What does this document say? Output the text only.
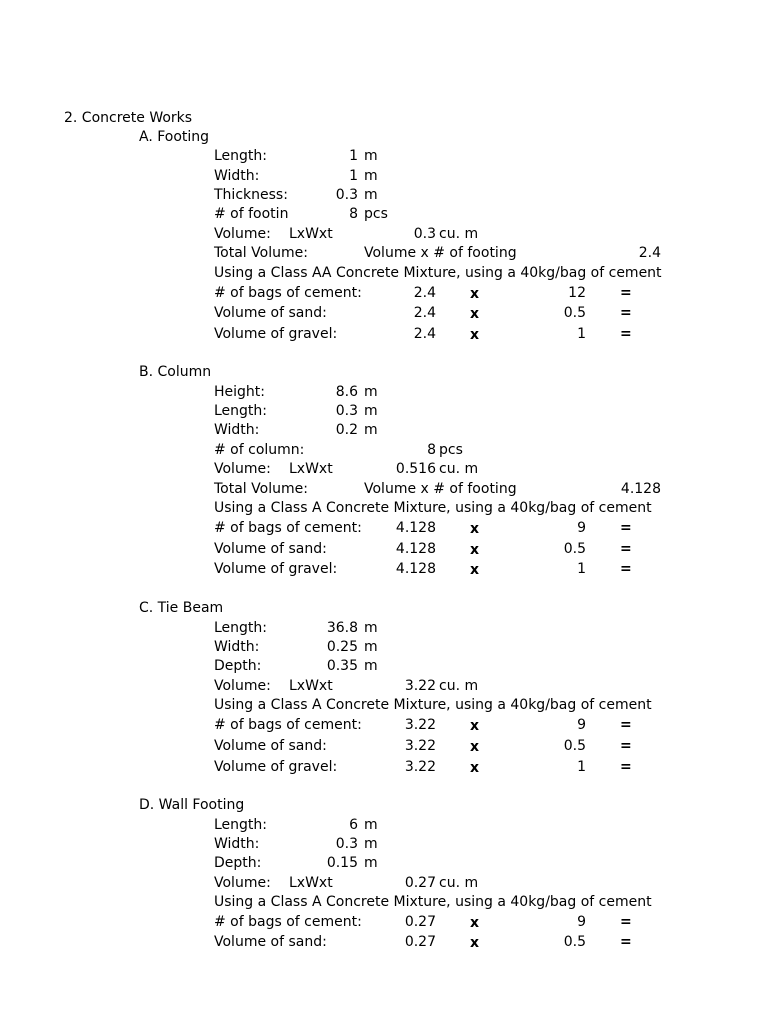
2. Concrete Works
A. Footing
Length:	1 m
Width:	1 m
Thickness:	0.3 m
# of footin	8 pcs
Volume: LxWxt	0.3 cu. m
Total Volume:	Volume x # of footing	2.4
Using a Class AA Concrete Mixture, using a 40kg/bag of cement
# of bags of cement:	2.4 x	12 =
Volume of sand:	2.4 x	0.5 =
Volume of gravel:	2.4 x	1 =
B. Column
Height:	8.6 m
Length:	0.3 m
Width:	0.2 m
# of column:	8 pcs
Volume: LxWxt	0.516 cu. m
Total Volume:	Volume x # of footing	4.128
Using a Class A Concrete Mixture, using a 40kg/bag of cement
# of bags of cement: 4.128 x	9 =
Volume of sand:	4.128 x	0.5 =
Volume of gravel:	4.128 x	1 =
C. Tie Beam
Length:	36.8 m
Width:	0.25 m
Depth:	0.35 m
Volume: LxWxt	3.22 cu. m
Using a Class A Concrete Mixture, using a 40kg/bag of cement
# of bags of cement:	3.22 x	9 =
Volume of sand:	3.22 x	0.5 =
Volume of gravel:	3.22 x	1 =
D. Wall Footing
Length:	6 m
Width:	0.3 m
Depth:	0.15 m
Volume: LxWxt	0.27 cu. m
Using a Class A Concrete Mixture, using a 40kg/bag of cement
# of bags of cement:	0.27 x	9 =
Volume of sand:	0.27 x	0.5 =
